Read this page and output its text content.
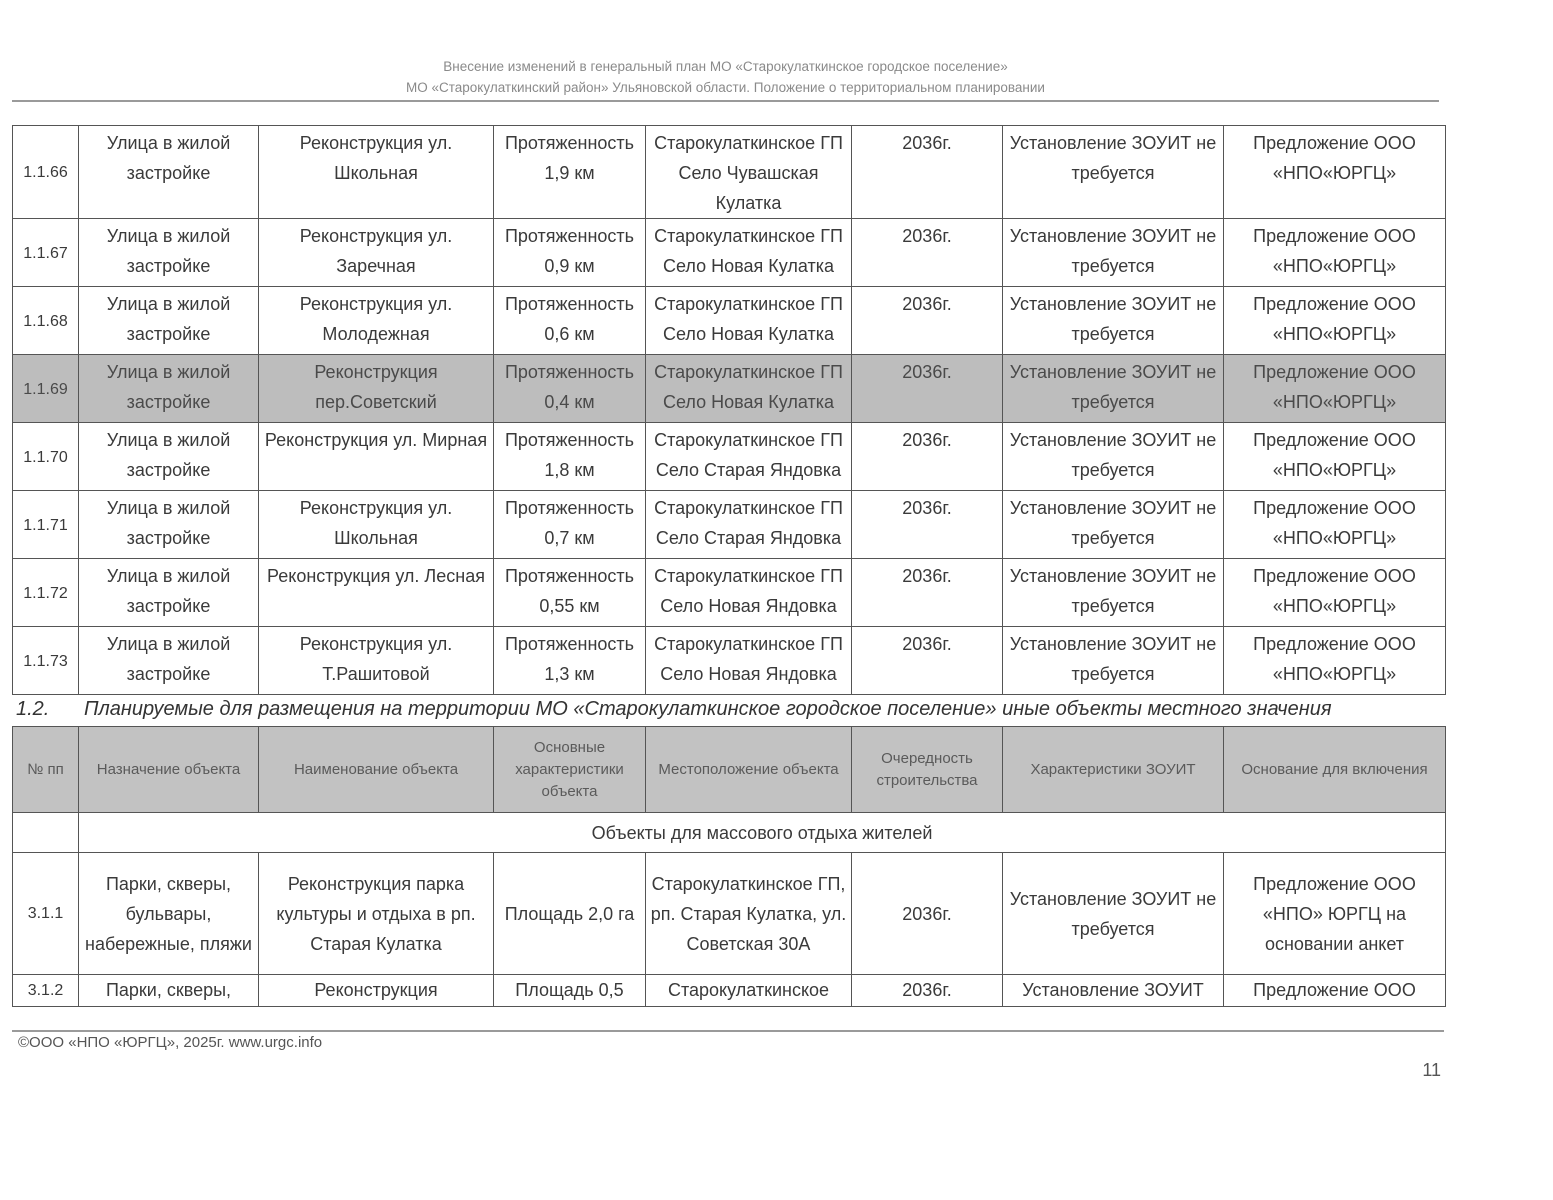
Внесение изменений в генеральный план МО «Старокулаткинское городское поселение»
МО «Старокулаткинский район» Ульяновской области. Положение о территориальном планировании
1.1.66	Улица в жилой застройке	Реконструкция ул. Школьная	Протяженность 1,9 км	Старокулаткинское ГП Село Чувашская Кулатка	2036г.	Установление ЗОУИТ не требуется	Предложение ООО «НПО«ЮРГЦ»
1.1.67	Улица в жилой застройке	Реконструкция ул. Заречная	Протяженность 0,9 км	Старокулаткинское ГП Село Новая Кулатка	2036г.	Установление ЗОУИТ не требуется	Предложение ООО «НПО«ЮРГЦ»
1.1.68	Улица в жилой застройке	Реконструкция ул. Молодежная	Протяженность 0,6 км	Старокулаткинское ГП Село Новая Кулатка	2036г.	Установление ЗОУИТ не требуется	Предложение ООО «НПО«ЮРГЦ»
1.1.69	Улица в жилой застройке	Реконструкция пер.Советский	Протяженность 0,4 км	Старокулаткинское ГП Село Новая Кулатка	2036г.	Установление ЗОУИТ не требуется	Предложение ООО «НПО«ЮРГЦ»
1.1.70	Улица в жилой застройке	Реконструкция ул. Мирная	Протяженность 1,8 км	Старокулаткинское ГП Село Старая Яндовка	2036г.	Установление ЗОУИТ не требуется	Предложение ООО «НПО«ЮРГЦ»
1.1.71	Улица в жилой застройке	Реконструкция ул. Школьная	Протяженность 0,7 км	Старокулаткинское ГП Село Старая Яндовка	2036г.	Установление ЗОУИТ не требуется	Предложение ООО «НПО«ЮРГЦ»
1.1.72	Улица в жилой застройке	Реконструкция ул. Лесная	Протяженность 0,55 км	Старокулаткинское ГП Село Новая Яндовка	2036г.	Установление ЗОУИТ не требуется	Предложение ООО «НПО«ЮРГЦ»
1.1.73	Улица в жилой застройке	Реконструкция ул. Т.Рашитовой	Протяженность 1,3 км	Старокулаткинское ГП Село Новая Яндовка	2036г.	Установление ЗОУИТ не требуется	Предложение ООО «НПО«ЮРГЦ»
1.2. Планируемые для размещения на территории МО «Старокулаткинское городское поселение» иные объекты местного значения
№ пп	Назначение объекта	Наименование объекта	Основные характеристики объекта	Местоположение объекта	Очередность строительства	Характеристики ЗОУИТ	Основание для включения
	Объекты для массового отдыха жителей						
3.1.1	Парки, скверы, бульвары, набережные, пляжи	Реконструкция парка культуры и отдыха в рп. Старая Кулатка	Площадь 2,0 га	Старокулаткинское ГП, рп. Старая Кулатка, ул. Советская 30А	2036г.	Установление ЗОУИТ не требуется	Предложение ООО «НПО» ЮРГЦ на основании анкет
3.1.2	Парки, скверы,	Реконструкция	Площадь 0,5	Старокулаткинское	2036г.	Установление ЗОУИТ	Предложение ООО
©ООО «НПО «ЮРГЦ», 2025г. www.urgc.info
11
